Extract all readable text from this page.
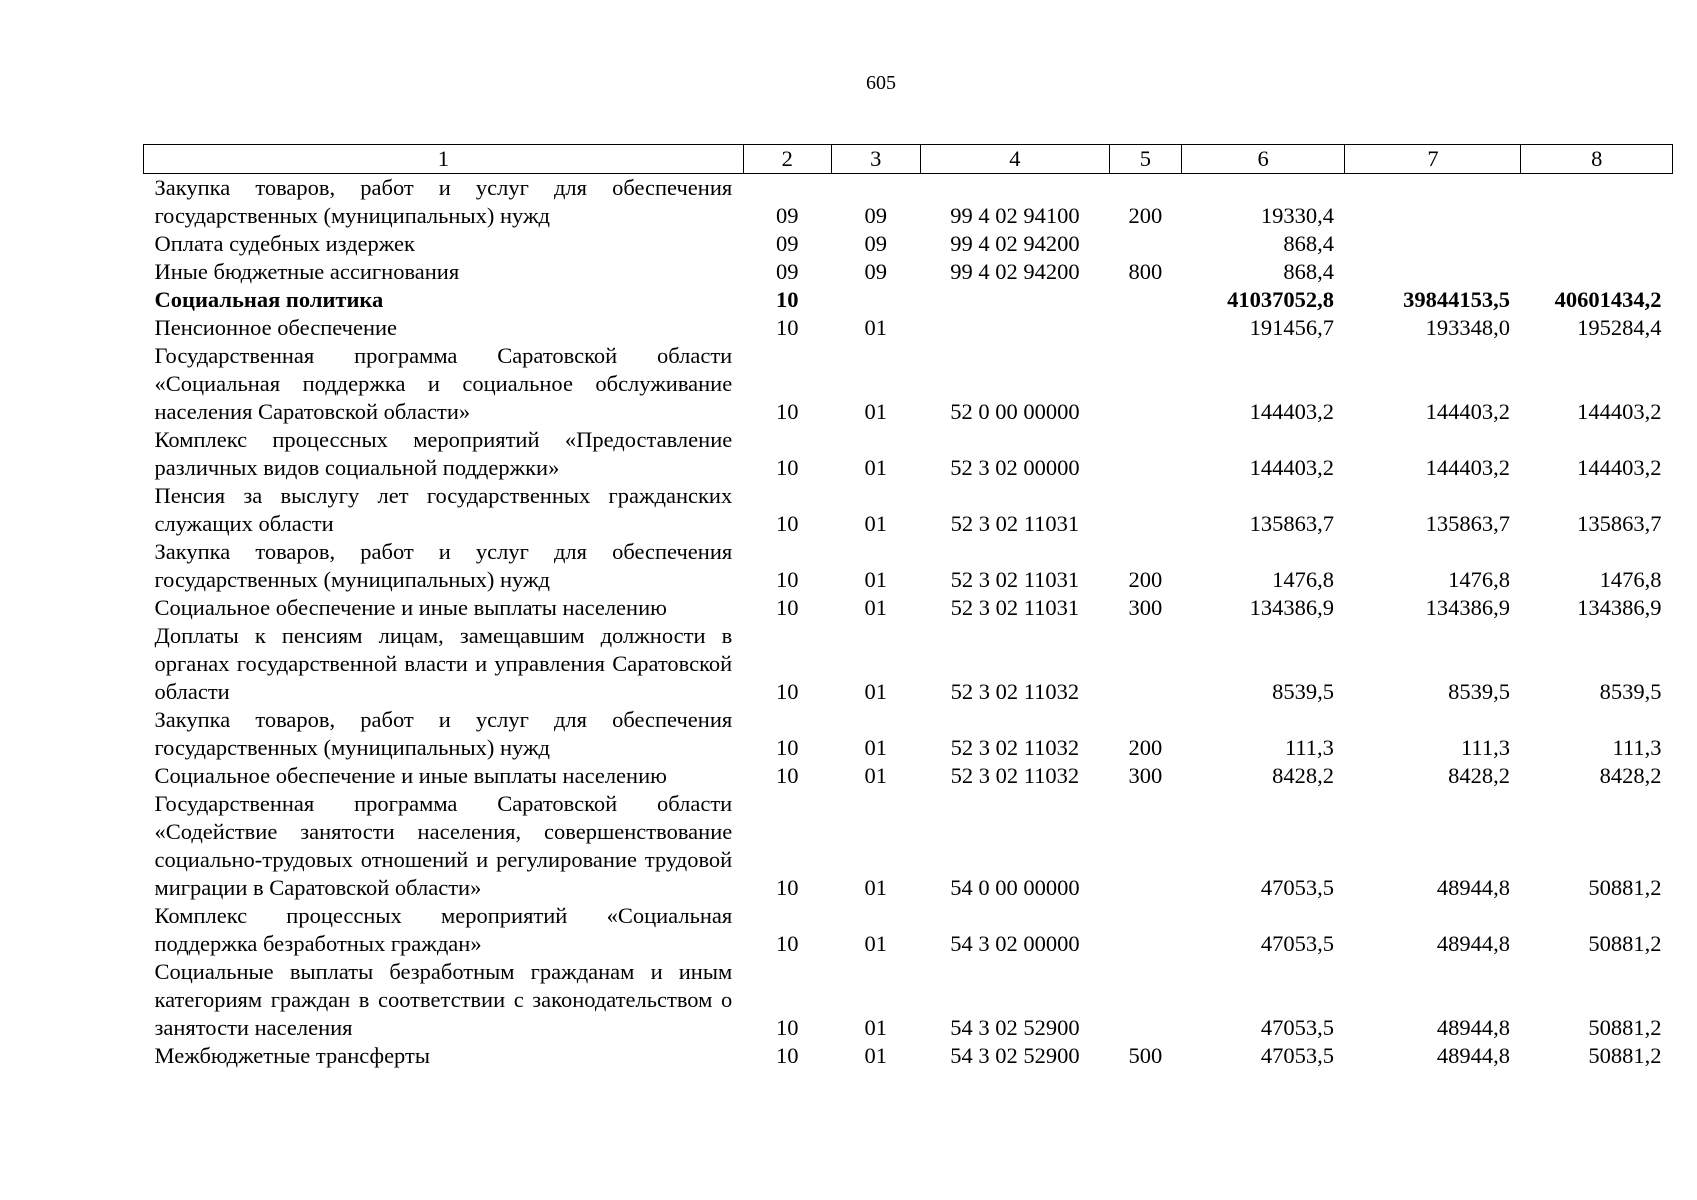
605
1	2	3	4	5	6	7	8
Закупка товаров, работ и услуг для обеспечения государственных (муниципальных) нужд	09	09	99 4 02 94100	200	19330,4		
Оплата судебных издержек	09	09	99 4 02 94200		868,4		
Иные бюджетные ассигнования	09	09	99 4 02 94200	800	868,4		
Социальная политика	10				41037052,8	39844153,5	40601434,2
Пенсионное обеспечение	10	01			191456,7	193348,0	195284,4
Государственная программа Саратовской области «Социальная поддержка и социальное обслуживание населения Саратовской области»	10	01	52 0 00 00000		144403,2	144403,2	144403,2
Комплекс процессных мероприятий «Предоставление различных видов социальной поддержки»	10	01	52 3 02 00000		144403,2	144403,2	144403,2
Пенсия за выслугу лет государственных гражданских служащих области	10	01	52 3 02 11031		135863,7	135863,7	135863,7
Закупка товаров, работ и услуг для обеспечения государственных (муниципальных) нужд	10	01	52 3 02 11031	200	1476,8	1476,8	1476,8
Социальное обеспечение и иные выплаты населению	10	01	52 3 02 11031	300	134386,9	134386,9	134386,9
Доплаты к пенсиям лицам, замещавшим должности в органах государственной власти и управления Саратовской области	10	01	52 3 02 11032		8539,5	8539,5	8539,5
Закупка товаров, работ и услуг для обеспечения государственных (муниципальных) нужд	10	01	52 3 02 11032	200	111,3	111,3	111,3
Социальное обеспечение и иные выплаты населению	10	01	52 3 02 11032	300	8428,2	8428,2	8428,2
Государственная программа Саратовской области «Содействие занятости населения, совершенствование социально-трудовых отношений и регулирование трудовой миграции в Саратовской области»	10	01	54 0 00 00000		47053,5	48944,8	50881,2
Комплекс процессных мероприятий «Социальная поддержка безработных граждан»	10	01	54 3 02 00000		47053,5	48944,8	50881,2
Социальные выплаты безработным гражданам и иным категориям граждан в соответствии с законодательством о занятости населения	10	01	54 3 02 52900		47053,5	48944,8	50881,2
Межбюджетные трансферты	10	01	54 3 02 52900	500	47053,5	48944,8	50881,2
